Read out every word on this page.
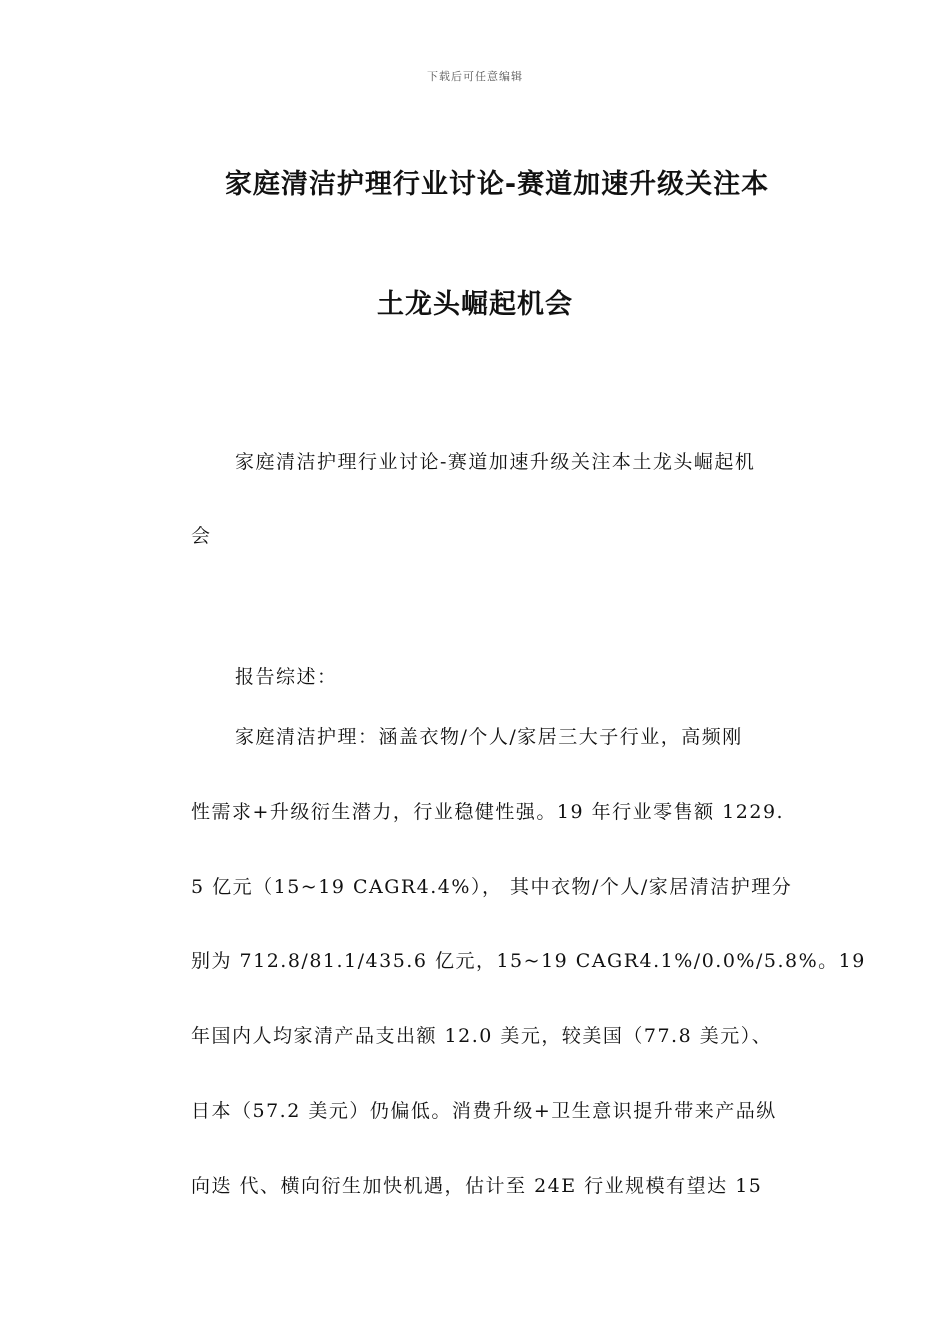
下载后可任意编辑
家庭清洁护理行业讨论-赛道加速升级关注本
土龙头崛起机会
家庭清洁护理行业讨论-赛道加速升级关注本土龙头崛起机
会
报告综述：
家庭清洁护理：涵盖衣物/个人/家居三大子行业，高频刚
性需求+升级衍生潜力，行业稳健性强。19 年行业零售额 1229.
5 亿元（15~19 CAGR4.4%）， 其中衣物/个人/家居清洁护理分
别为 712.8/81.1/435.6 亿元，15~19 CAGR4.1%/0.0%/5.8%。19
年国内人均家清产品支出额 12.0 美元，较美国（77.8 美元）、
日本（57.2 美元）仍偏低。消费升级+卫生意识提升带来产品纵
向迭 代、横向衍生加快机遇，估计至 24E 行业规模有望达 15
